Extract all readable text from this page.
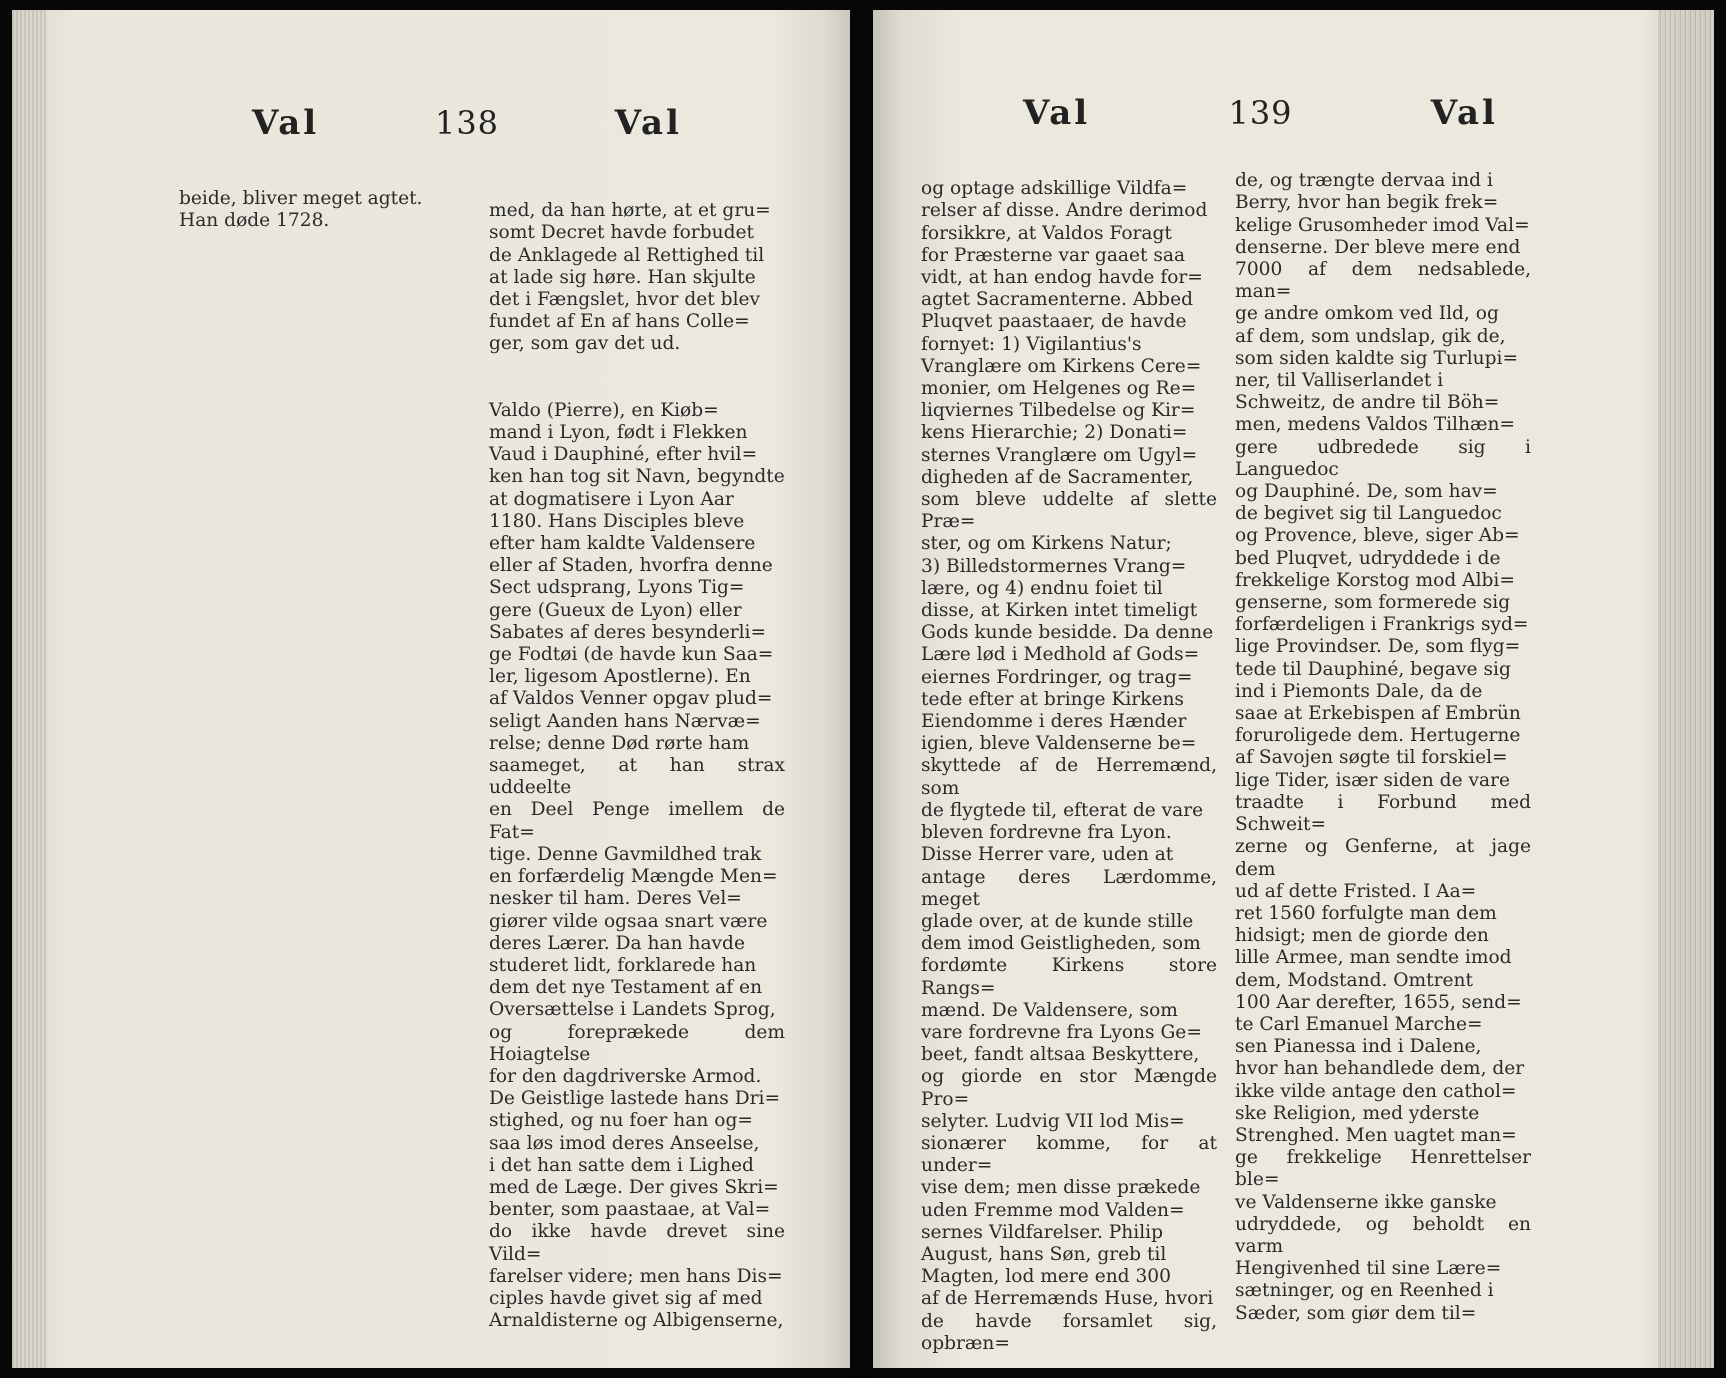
Val	138	Val

beide, bliver meget agtet.
Han døde 1728.	med, da han hørte, at et gru=
somt Decret havde forbudet
de Anklagede al Rettighed til
at lade sig høre. Han skjulte
det i Fængslet, hvor det blev
fundet af En af hans Colle=
ger, som gav det ud.

Valdo (Pierre), en Kiøb=
mand i Lyon, født i Flekken
Vaud i Dauphiné, efter hvil=
ken han tog sit Navn, begyndte
at dogmatisere i Lyon Aar
1180. Hans Disciples bleve
efter ham kaldte Valdensere
eller af Staden, hvorfra denne
Sect udsprang, Lyons Tig=
gere (Gueux de Lyon) eller
Sabates af deres besynderli=
ge Fodtøi (de havde kun Saa=
ler, ligesom Apostlerne). En
af Valdos Venner opgav plud=
seligt Aanden hans Nærvæ=
relse; denne Død rørte ham
saameget, at han strax uddeelte
en Deel Penge imellem de Fat=
tige. Denne Gavmildhed trak
en forfærdelig Mængde Men=
nesker til ham. Deres Vel=
giører vilde ogsaa snart være
deres Lærer. Da han havde
studeret lidt, forklarede han
dem det nye Testament af en
Oversættelse i Landets Sprog,
og foreprækede dem Hoiagtelse
for den dagdriverske Armod.
De Geistlige lastede hans Dri=
stighed, og nu foer han og=
saa løs imod deres Anseelse,
i det han satte dem i Lighed
med de Læge. Der gives Skri=
benter, som paastaae, at Val=
do ikke havde drevet sine Vild=
farelser videre; men hans Dis=
ciples havde givet sig af med
Arnaldisterne og Albigenserne,

Val	139	Val

og optage adskillige Vildfa=
relser af disse. Andre derimod
forsikkre, at Valdos Foragt
for Præsterne var gaaet saa
vidt, at han endog havde for=
agtet Sacramenterne. Abbed
Pluqvet paastaaer, de havde
fornyet: 1) Vigilantius's
Vranglære om Kirkens Cere=
monier, om Helgenes og Re=
liqviernes Tilbedelse og Kir=
kens Hierarchie; 2) Donati=
sternes Vranglære om Ugyl=
digheden af de Sacramenter,
som bleve uddelte af slette Præ=
ster, og om Kirkens Natur;
3) Billedstormernes Vrang=
lære, og 4) endnu foiet til
disse, at Kirken intet timeligt
Gods kunde besidde. Da denne
Lære lød i Medhold af Gods=
eiernes Fordringer, og trag=
tede efter at bringe Kirkens
Eiendomme i deres Hænder
igien, bleve Valdenserne be=
skyttede af de Herremænd, som
de flygtede til, efterat de vare
bleven fordrevne fra Lyon.
Disse Herrer vare, uden at
antage deres Lærdomme, meget
glade over, at de kunde stille
dem imod Geistligheden, som
fordømte Kirkens store Rangs=
mænd. De Valdensere, som
vare fordrevne fra Lyons Ge=
beet, fandt altsaa Beskyttere,
og giorde en stor Mængde Pro=
selyter. Ludvig VII lod Mis=
sionærer komme, for at under=
vise dem; men disse prækede
uden Fremme mod Valden=
sernes Vildfarelser. Philip
August, hans Søn, greb til
Magten, lod mere end 300
af de Herremænds Huse, hvori
de havde forsamlet sig, opbræn=

de, og trængte dervaa ind i
Berry, hvor han begik frek=
kelige Grusomheder imod Val=
denserne. Der bleve mere end
7000 af dem nedsablede, man=
ge andre omkom ved Ild, og
af dem, som undslap, gik de,
som siden kaldte sig Turlupi=
ner, til Valliserlandet i
Schweitz, de andre til Böh=
men, medens Valdos Tilhæn=
gere udbredede sig i Languedoc
og Dauphiné. De, som hav=
de begivet sig til Languedoc
og Provence, bleve, siger Ab=
bed Pluqvet, udryddede i de
frekkelige Korstog mod Albi=
genserne, som formerede sig
forfærdeligen i Frankrigs syd=
lige Provindser. De, som flyg=
tede til Dauphiné, begave sig
ind i Piemonts Dale, da de
saae at Erkebispen af Embrün
foruroligede dem. Hertugerne
af Savojen søgte til forskiel=
lige Tider, især siden de vare
traadte i Forbund med Schweit=
zerne og Genferne, at jage dem
ud af dette Fristed. I Aa=
ret 1560 forfulgte man dem
hidsigt; men de giorde den
lille Armee, man sendte imod
dem, Modstand. Omtrent
100 Aar derefter, 1655, send=
te Carl Emanuel Marche=
sen Pianessa ind i Dalene,
hvor han behandlede dem, der
ikke vilde antage den cathol=
ske Religion, med yderste
Strenghed. Men uagtet man=
ge frekkelige Henrettelser ble=
ve Valdenserne ikke ganske
udryddede, og beholdt en varm
Hengivenhed til sine Lære=
sætninger, og en Reenhed i
Sæder, som giør dem til=
